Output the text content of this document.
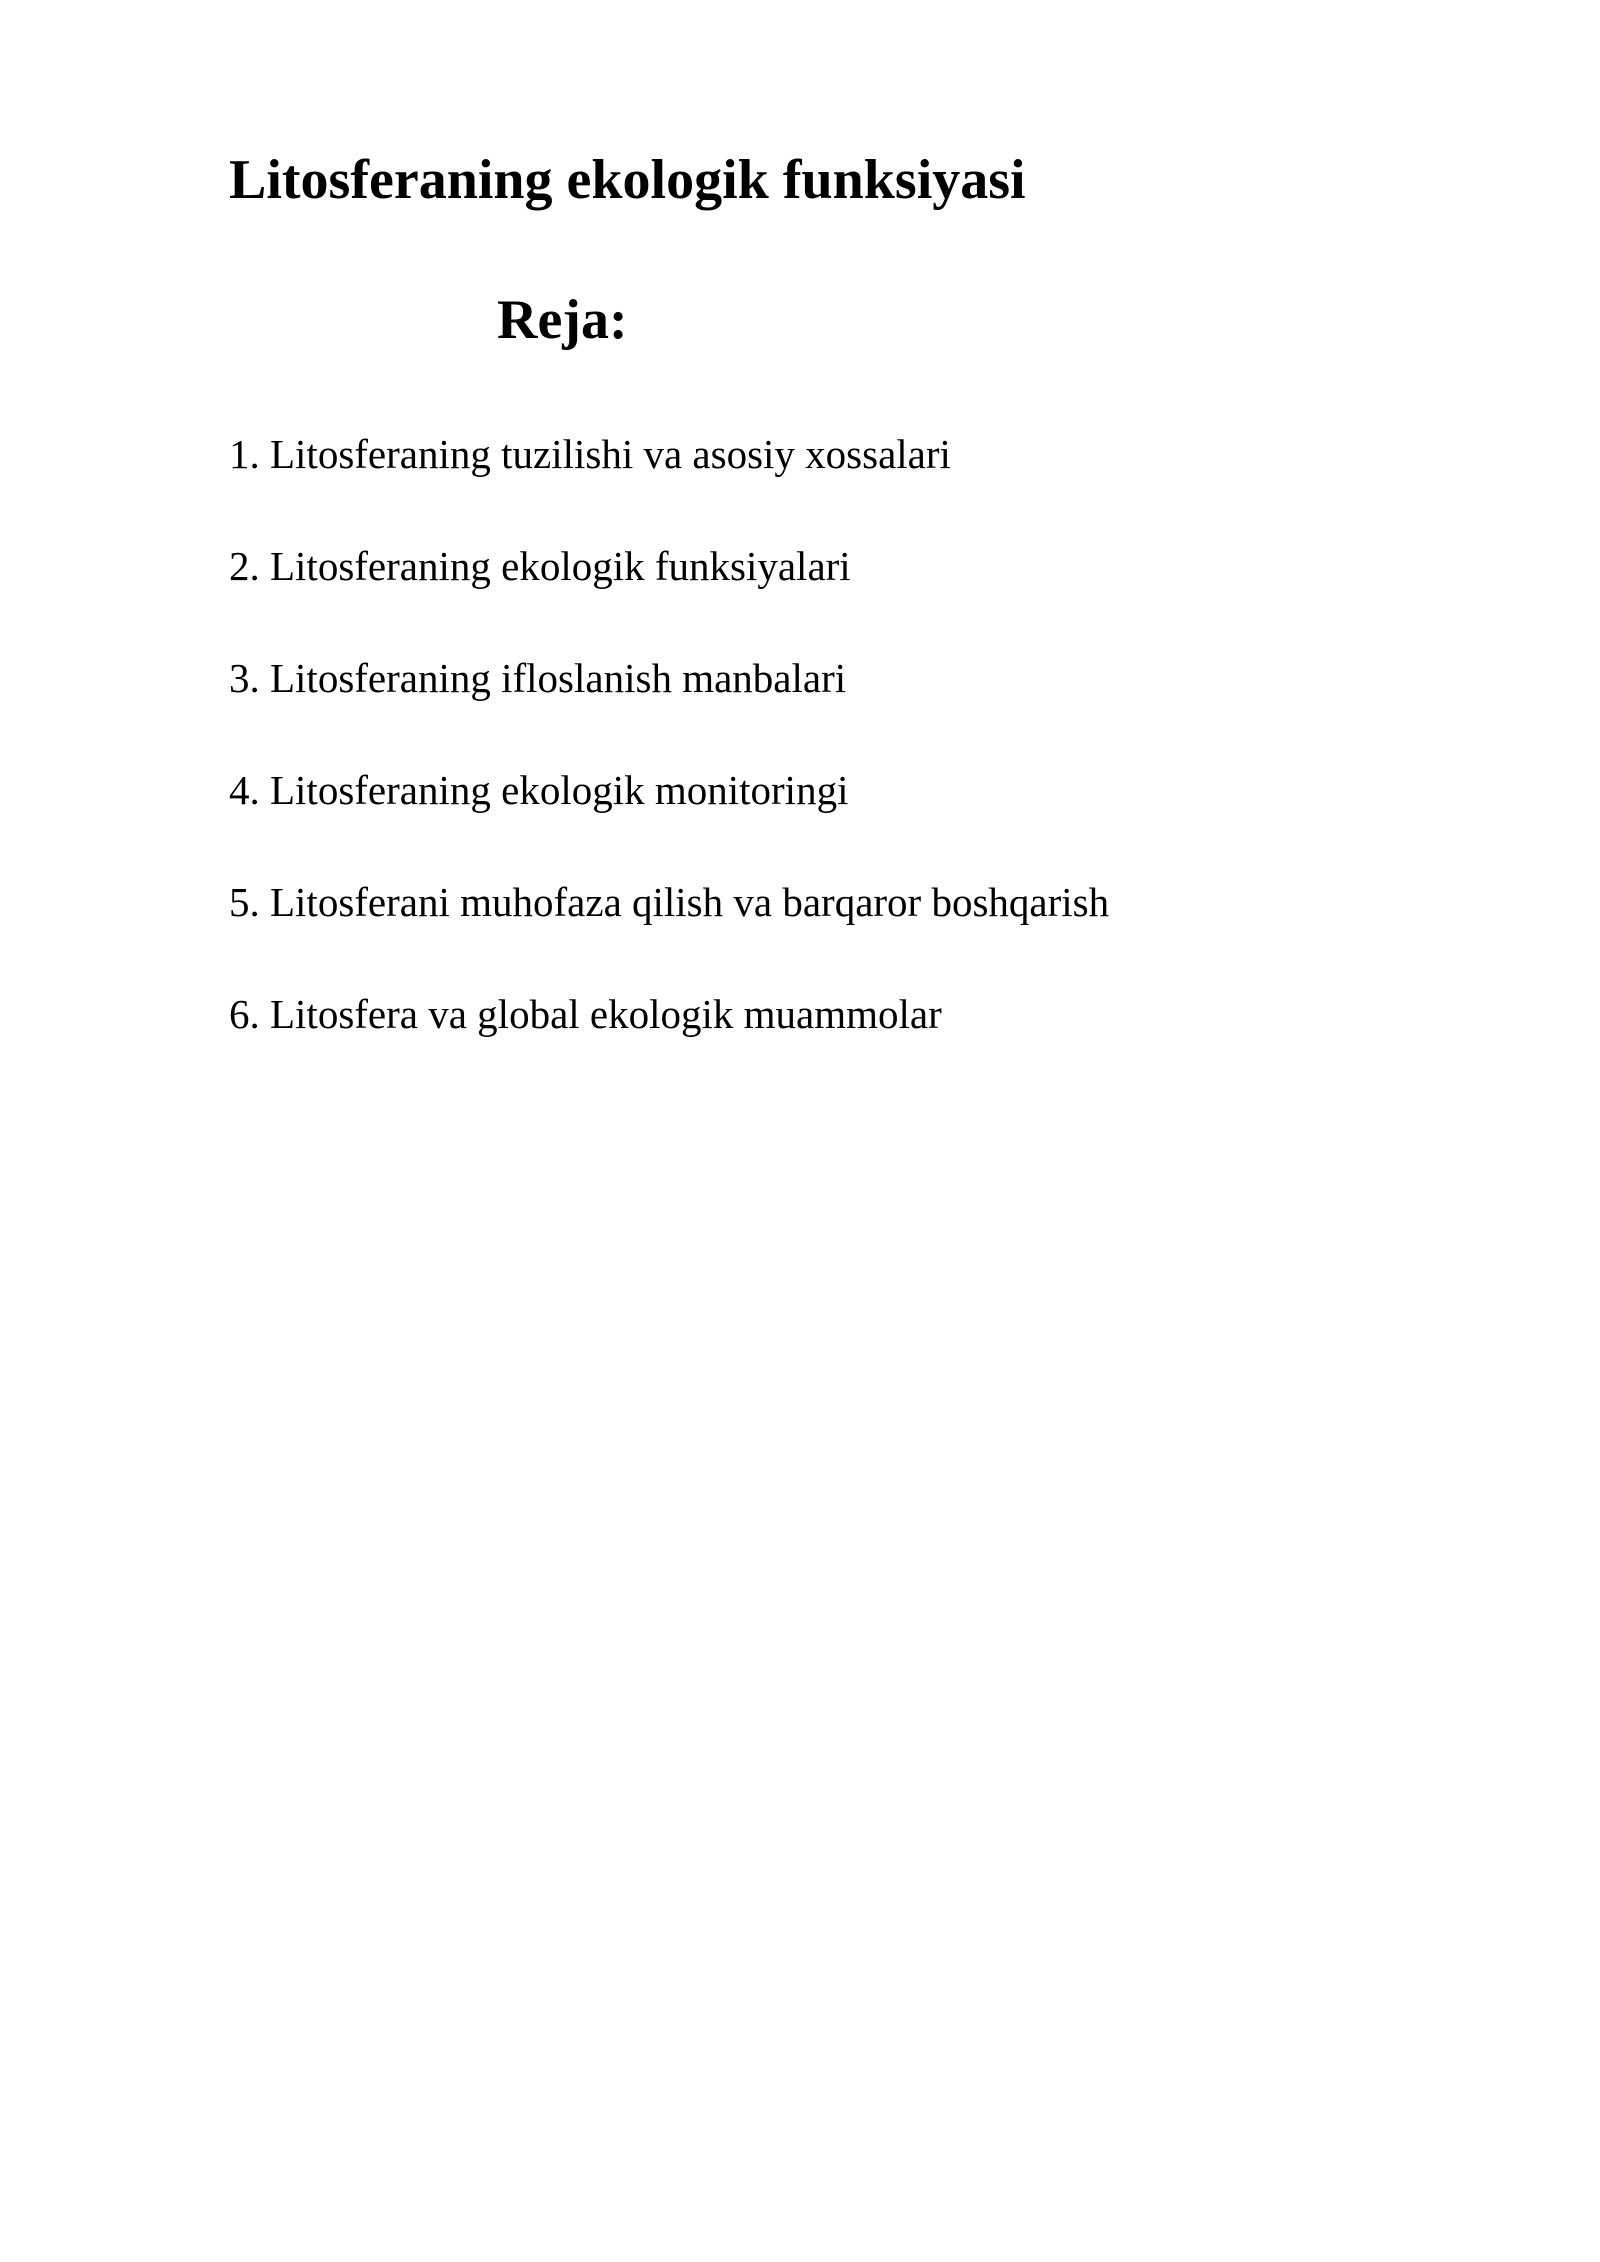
Litosferaning ekologik funksiyasi
Reja:
1. Litosferaning tuzilishi va asosiy xossalari
2. Litosferaning ekologik funksiyalari
3. Litosferaning ifloslanish manbalari
4. Litosferaning ekologik monitoringi
5. Litosferani muhofaza qilish va barqaror boshqarish
6. Litosfera va global ekologik muammolar
